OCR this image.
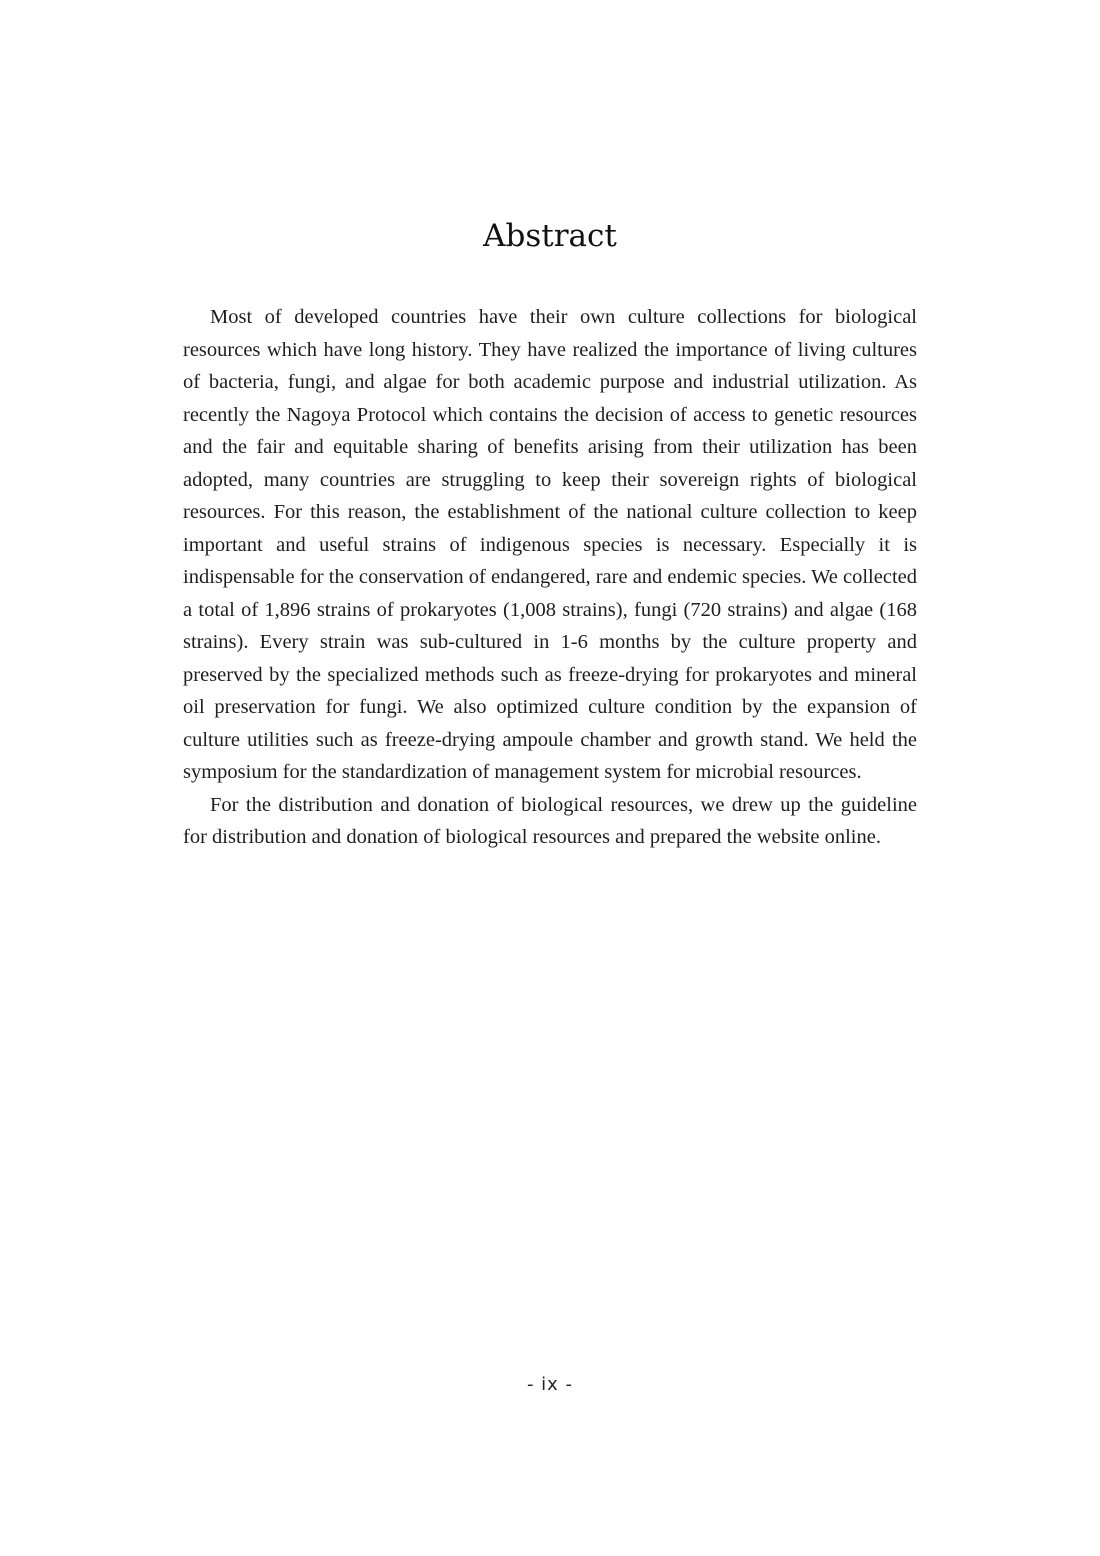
Abstract

Most of developed countries have their own culture collections for biological resources which have long history. They have realized the importance of living cultures of bacteria, fungi, and algae for both academic purpose and industrial utilization. As recently the Nagoya Protocol which contains the decision of access to genetic resources and the fair and equitable sharing of benefits arising from their utilization has been adopted, many countries are struggling to keep their sovereign rights of biological resources. For this reason, the establishment of the national culture collection to keep important and useful strains of indigenous species is necessary. Especially it is indispensable for the conservation of endangered, rare and endemic species. We collected a total of 1,896 strains of prokaryotes (1,008 strains), fungi (720 strains) and algae (168 strains). Every strain was sub-cultured in 1-6 months by the culture property and preserved by the specialized methods such as freeze-drying for prokaryotes and mineral oil preservation for fungi. We also optimized culture condition by the expansion of culture utilities such as freeze-drying ampoule chamber and growth stand. We held the symposium for the standardization of management system for microbial resources.

For the distribution and donation of biological resources, we drew up the guideline for distribution and donation of biological resources and prepared the website online.

- ix -
